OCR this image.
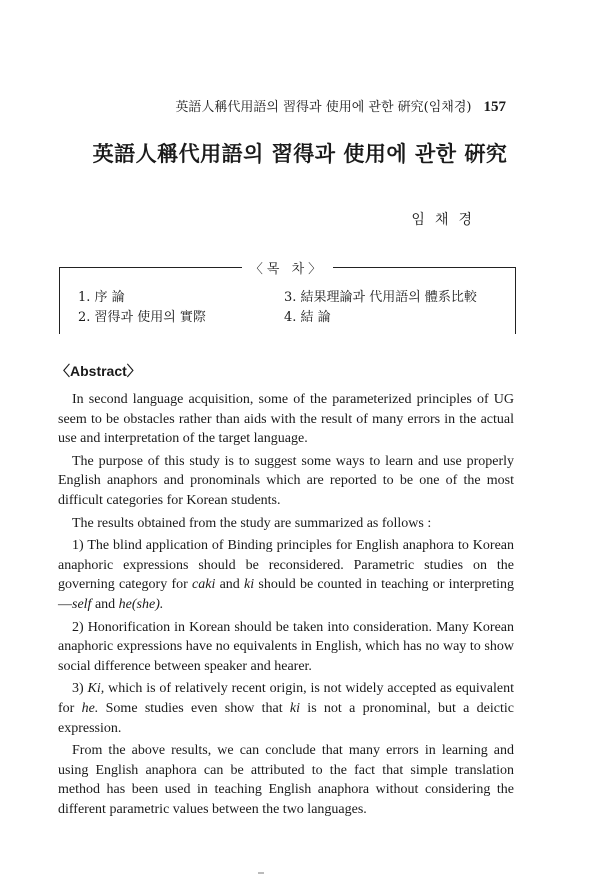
英語人稱代用語의 習得과 使用에 관한 硏究(임채경) 157
英語人稱代用語의 習得과 使用에 관한 硏究
임채경
〈목 차〉
1. 序 論
2. 習得과 使用의 實際
3. 結果理論과 代用語의 體系比較
4. 結 論
〈Abstract〉

In second language acquisition, some of the parameterized principles of UG seem to be obstacles rather than aids with the result of many errors in the actual use and interpretation of the target language.

The purpose of this study is to suggest some ways to learn and use properly English anaphors and pronominals which are reported to be one of the most difficult categories for Korean students.

The results obtained from the study are summarized as follows :

1) The blind application of Binding principles for English anaphora to Korean anaphoric expressions should be reconsidered. Parametric studies on the governing category for caki and ki should be counted in teaching or interpreting—self and he(she).

2) Honorification in Korean should be taken into consideration. Many Korean anaphoric expressions have no equivalents in English, which has no way to show social difference between speaker and hearer.

3) Ki, which is of relatively recent origin, is not widely accepted as equivalent for he. Some studies even show that ki is not a pronominal, but a deictic expression.

From the above results, we can conclude that many errors in learning and using English anaphora can be attributed to the fact that simple translation method has been used in teaching English anaphora without considering the different parametric values between the two languages.
